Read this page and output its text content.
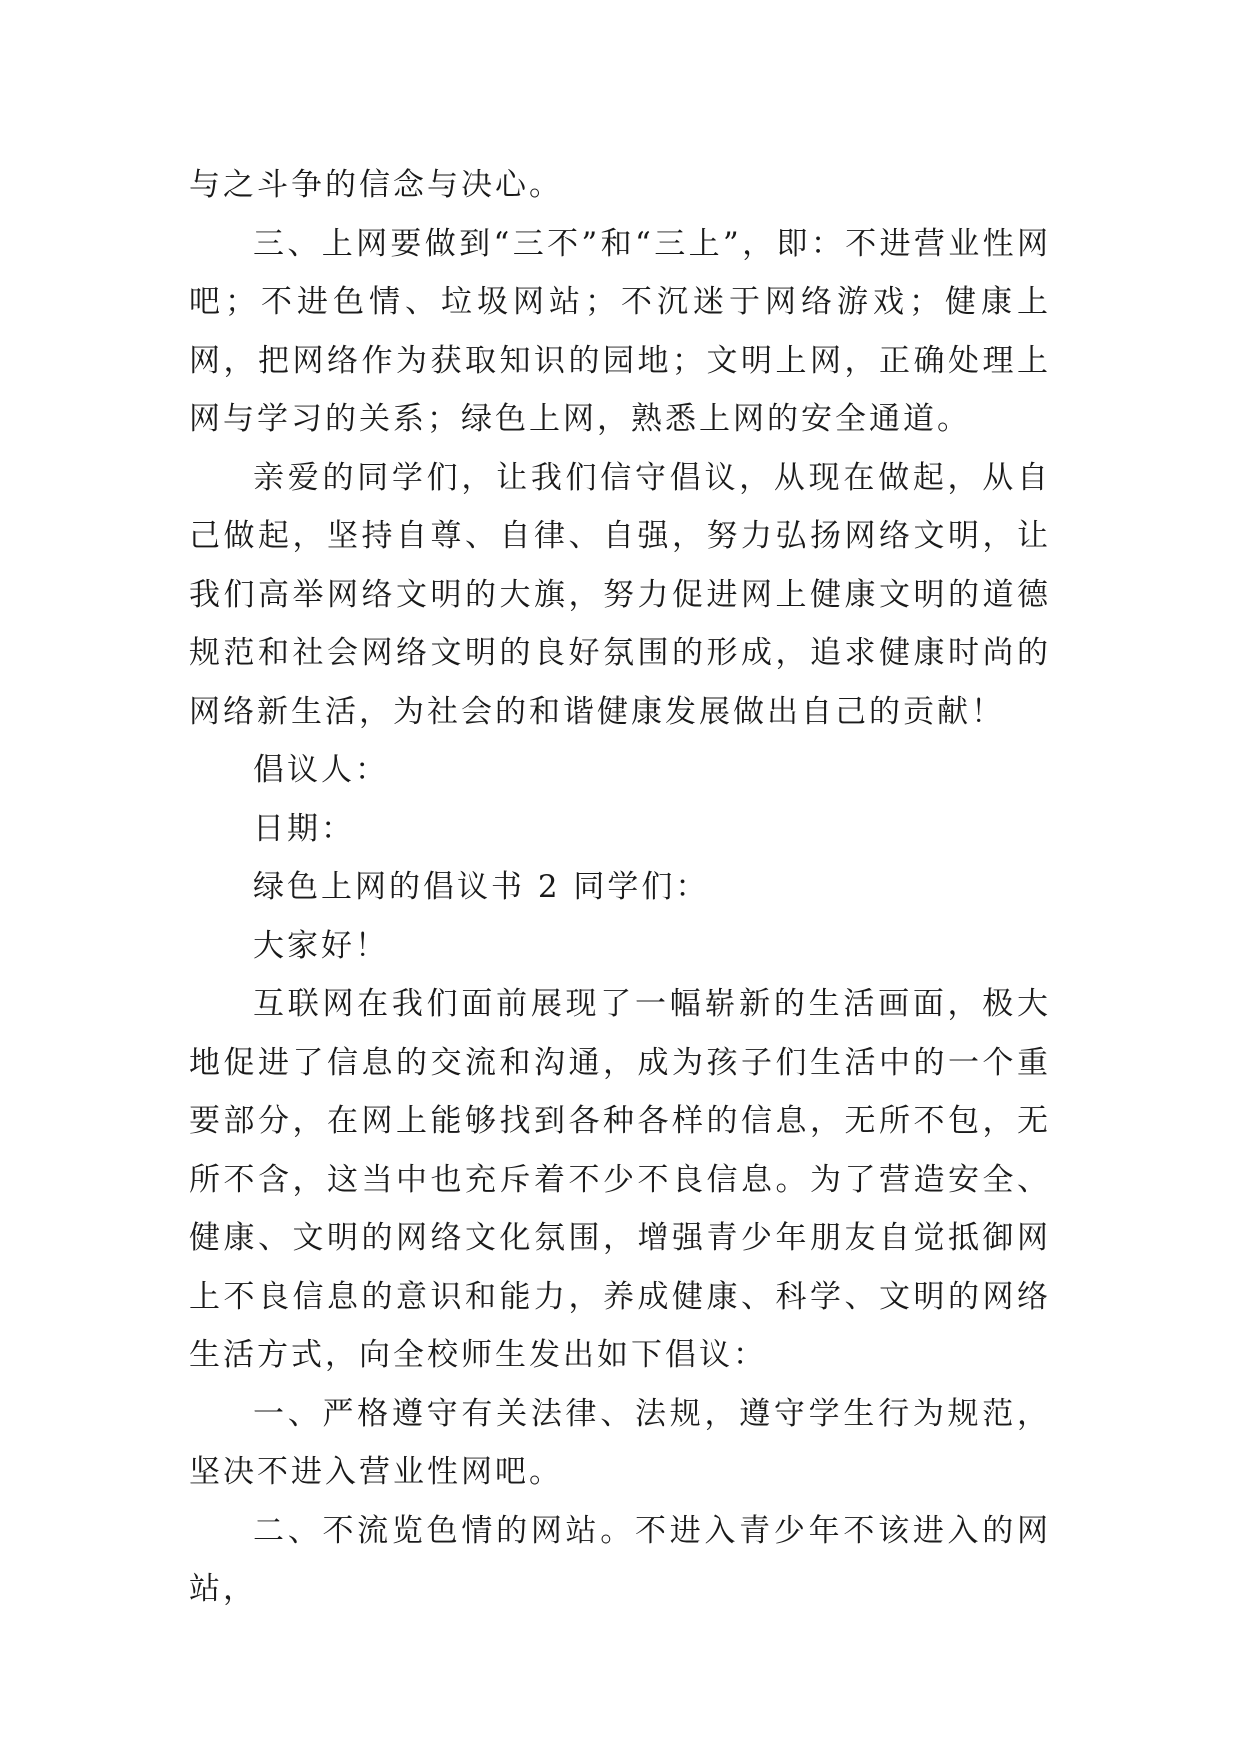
与之斗争的信念与决心。

三、上网要做到“三不”和“三上”，即：不进营业性网吧；不进色情、垃圾网站；不沉迷于网络游戏；健康上网，把网络作为获取知识的园地；文明上网，正确处理上网与学习的关系；绿色上网，熟悉上网的安全通道。

亲爱的同学们，让我们信守倡议，从现在做起，从自己做起，坚持自尊、自律、自强，努力弘扬网络文明，让我们高举网络文明的大旗，努力促进网上健康文明的道德规范和社会网络文明的良好氛围的形成，追求健康时尚的网络新生活，为社会的和谐健康发展做出自己的贡献！

倡议人：

日期：

绿色上网的倡议书 2 同学们：

大家好！

互联网在我们面前展现了一幅崭新的生活画面，极大地促进了信息的交流和沟通，成为孩子们生活中的一个重要部分，在网上能够找到各种各样的信息，无所不包，无所不含，这当中也充斥着不少不良信息。为了营造安全、健康、文明的网络文化氛围，增强青少年朋友自觉抵御网上不良信息的意识和能力，养成健康、科学、文明的网络生活方式，向全校师生发出如下倡议：

一、严格遵守有关法律、法规，遵守学生行为规范，坚决不进入营业性网吧。

二、不流览色情的网站。不进入青少年不该进入的网站，
